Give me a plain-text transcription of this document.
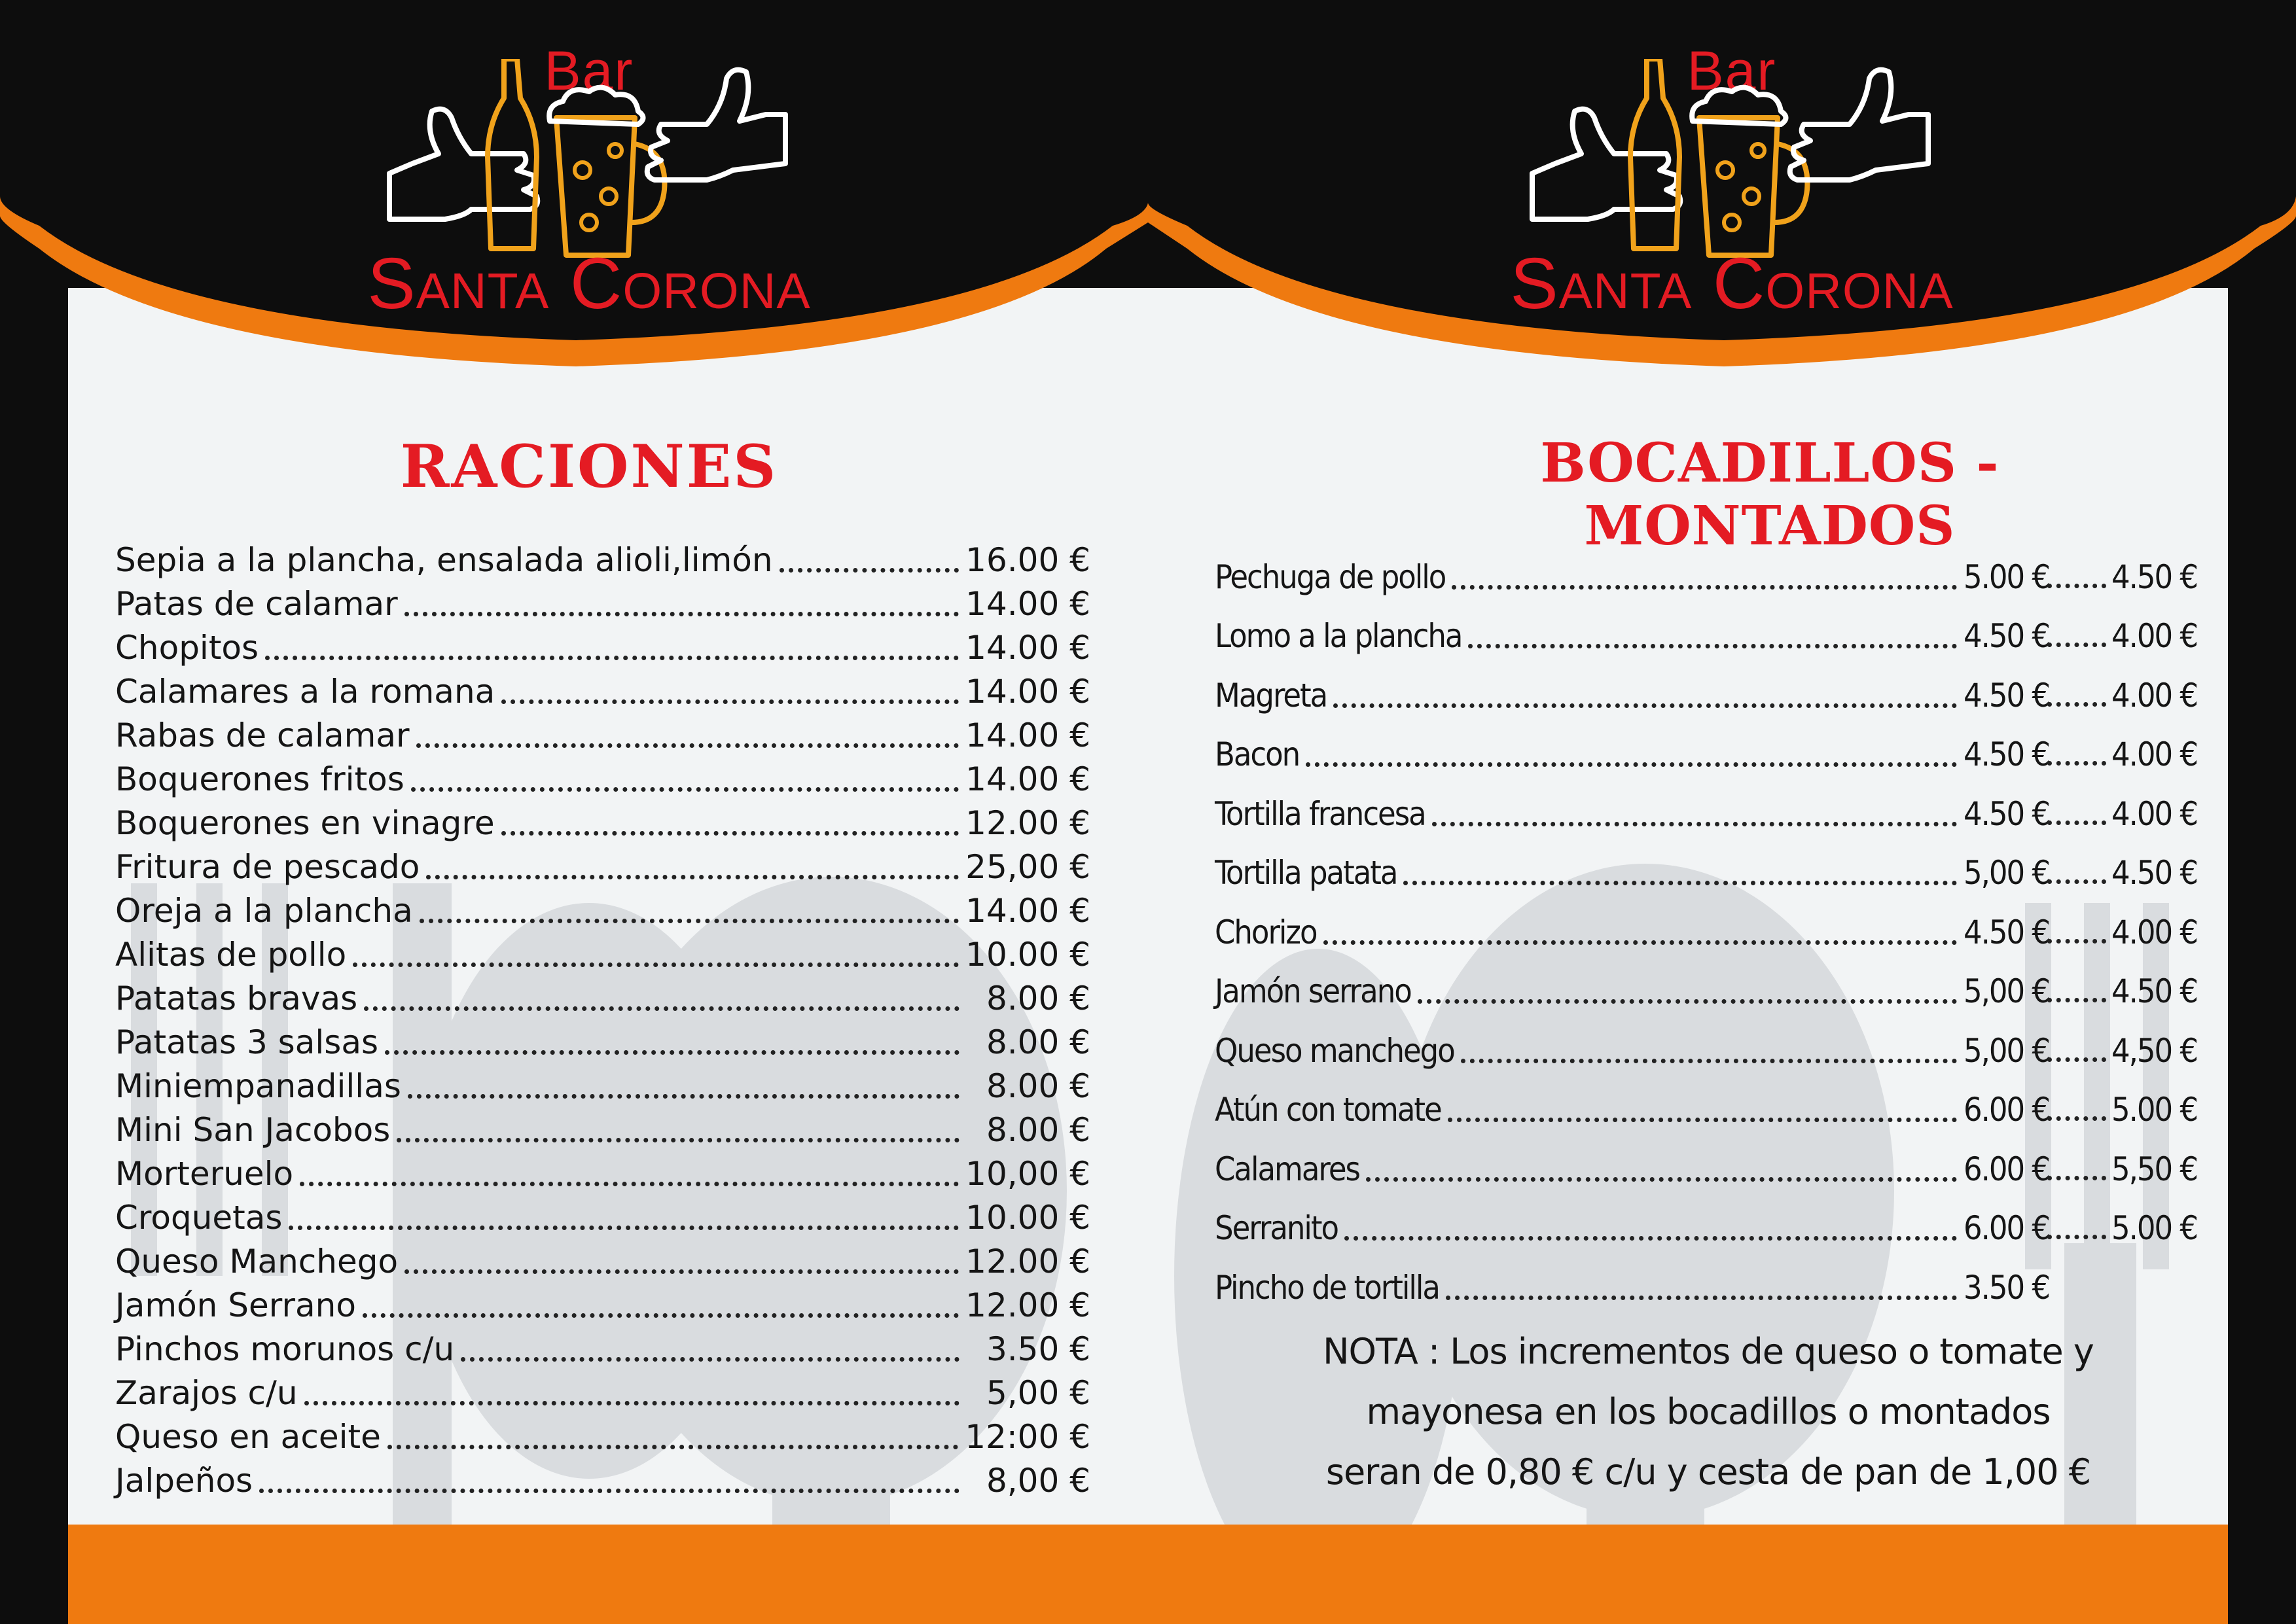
Bar
Santa Corona
RACIONES
Bar
Santa Corona
BOCADILLOS - MONTADOS
Sepia a la plancha, ensalada alioli,limón	16.00 €
Patas de calamar	14.00 €
Chopitos	14.00 €
Calamares a la romana	14.00 €
Rabas de calamar	14.00 €
Boquerones fritos	14.00 €
Boquerones en vinagre	12.00 €
Fritura de pescado	25,00 €
Oreja a la plancha	14.00 €
Alitas de pollo	10.00 €
Patatas bravas	8.00 €
Patatas 3 salsas	8.00 €
Miniempanadillas	8.00 €
Mini San Jacobos	8.00 €
Morteruelo	10,00 €
Croquetas	10.00 €
Queso Manchego	12.00 €
Jamón Serrano	12.00 €
Pinchos morunos c/u	3.50 €
Zarajos c/u	5,00 €
Queso en aceite	12:00 €
Jalpeños	8,00 €
Pechuga de pollo	5.00 € 4.50 €
Lomo a la plancha	4.50 € 4.00 €
Magreta	4.50 € 4.00 €
Bacon	4.50 € 4.00 €
Tortilla francesa	4.50 € 4.00 €
Tortilla patata	5,00 € 4.50 €
Chorizo	4.50 € 4.00 €
Jamón serrano	5,00 € 4.50 €
Queso manchego	5,00 € 4,50 €
Atún con tomate	6.00 € 5.00 €
Calamares	6.00 € 5,50 €
Serranito	6.00 € 5.00 €
Pincho de tortilla	3.50 €
NOTA : Los incrementos de queso o tomate y
mayonesa en los bocadillos o montados
seran de 0,80 € c/u y cesta de pan de 1,00 €
